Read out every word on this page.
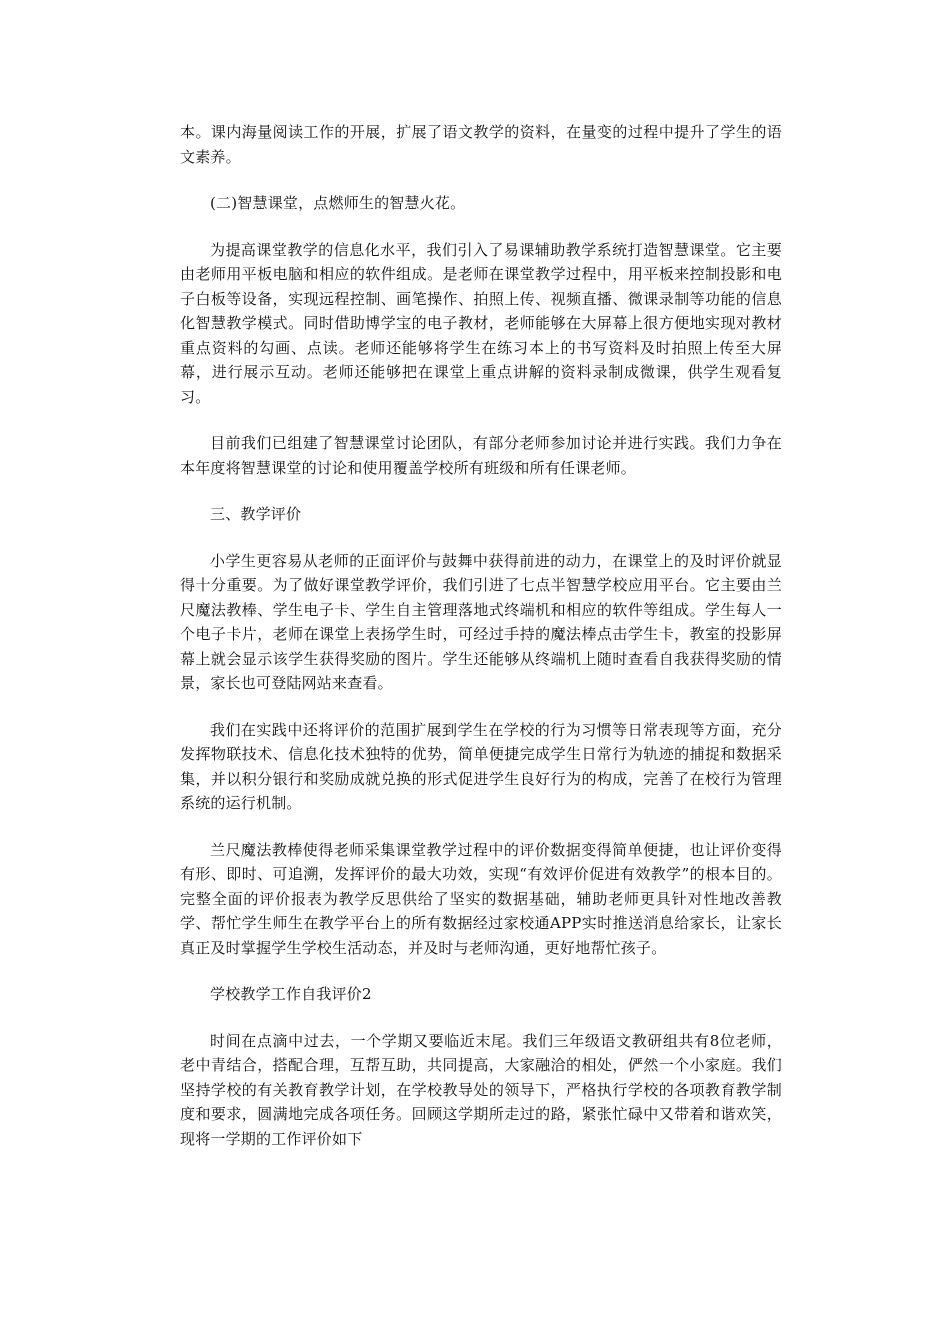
本。课内海量阅读工作的开展，扩展了语文教学的资料，在量变的过程中提升了学生的语文素养。

(二)智慧课堂，点燃师生的智慧火花。

为提高课堂教学的信息化水平，我们引入了易课辅助教学系统打造智慧课堂。它主要由老师用平板电脑和相应的软件组成。是老师在课堂教学过程中，用平板来控制投影和电子白板等设备，实现远程控制、画笔操作、拍照上传、视频直播、微课录制等功能的信息化智慧教学模式。同时借助博学宝的电子教材，老师能够在大屏幕上很方便地实现对教材重点资料的勾画、点读。老师还能够将学生在练习本上的书写资料及时拍照上传至大屏幕，进行展示互动。老师还能够把在课堂上重点讲解的资料录制成微课，供学生观看复习。

目前我们已组建了智慧课堂讨论团队，有部分老师参加讨论并进行实践。我们力争在本年度将智慧课堂的讨论和使用覆盖学校所有班级和所有任课老师。

三、教学评价

小学生更容易从老师的正面评价与鼓舞中获得前进的动力，在课堂上的及时评价就显得十分重要。为了做好课堂教学评价，我们引进了七点半智慧学校应用平台。它主要由兰尺魔法教棒、学生电子卡、学生自主管理落地式终端机和相应的软件等组成。学生每人一个电子卡片，老师在课堂上表扬学生时，可经过手持的魔法棒点击学生卡，教室的投影屏幕上就会显示该学生获得奖励的图片。学生还能够从终端机上随时查看自我获得奖励的情景，家长也可登陆网站来查看。

我们在实践中还将评价的范围扩展到学生在学校的行为习惯等日常表现等方面，充分发挥物联技术、信息化技术独特的优势，简单便捷完成学生日常行为轨迹的捕捉和数据采集，并以积分银行和奖励成就兑换的形式促进学生良好行为的构成，完善了在校行为管理系统的运行机制。

兰尺魔法教棒使得老师采集课堂教学过程中的评价数据变得简单便捷，也让评价变得有形、即时、可追溯，发挥评价的最大功效，实现“有效评价促进有效教学”的根本目的。完整全面的评价报表为教学反思供给了坚实的数据基础，辅助老师更具针对性地改善教学、帮忙学生师生在教学平台上的所有数据经过家校通APP实时推送消息给家长，让家长真正及时掌握学生学校生活动态，并及时与老师沟通，更好地帮忙孩子。

学校教学工作自我评价2

时间在点滴中过去，一个学期又要临近末尾。我们三年级语文教研组共有8位老师，老中青结合，搭配合理，互帮互助，共同提高，大家融洽的相处，俨然一个小家庭。我们坚持学校的有关教育教学计划，在学校教导处的领导下，严格执行学校的各项教育教学制度和要求，圆满地完成各项任务。回顾这学期所走过的路，紧张忙碌中又带着和谐欢笑，现将一学期的工作评价如下
